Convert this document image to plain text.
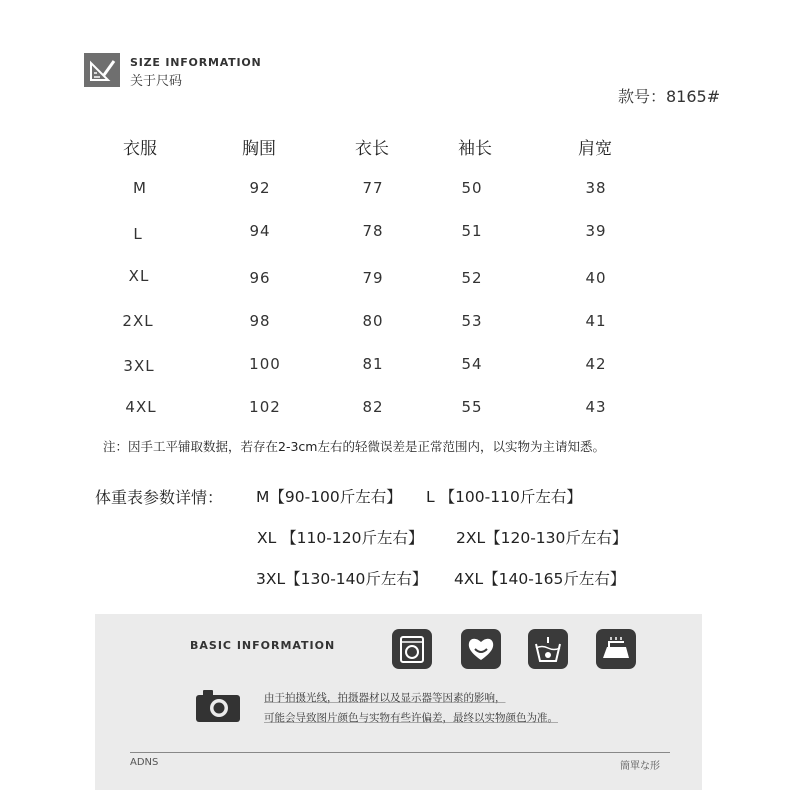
SIZE INFORMATION
关于尺码
款号：8165#
衣服	胸围	衣长	袖长	肩宽
M	92	77	50	38
L	94	78	51	39
XL	96	79	52	40
2XL	98	80	53	41
3XL	100	81	54	42
4XL	102	82	55	43
注：因手工平铺取数据，若存在2-3cm左右的轻微误差是正常范围内，以实物为主请知悉。
体重表参数详情： M【90-100斤左右】 L 【100-110斤左右】
XL 【110-120斤左右】 2XL【120-130斤左右】
3XL【130-140斤左右】 4XL【140-165斤左右】
BASIC INFORMATION
由于拍摄光线，拍摄器材以及显示器等因素的影响，
可能会导致图片颜色与实物有些许偏差，最终以实物颜色为准。
ADNS	簡單な形
